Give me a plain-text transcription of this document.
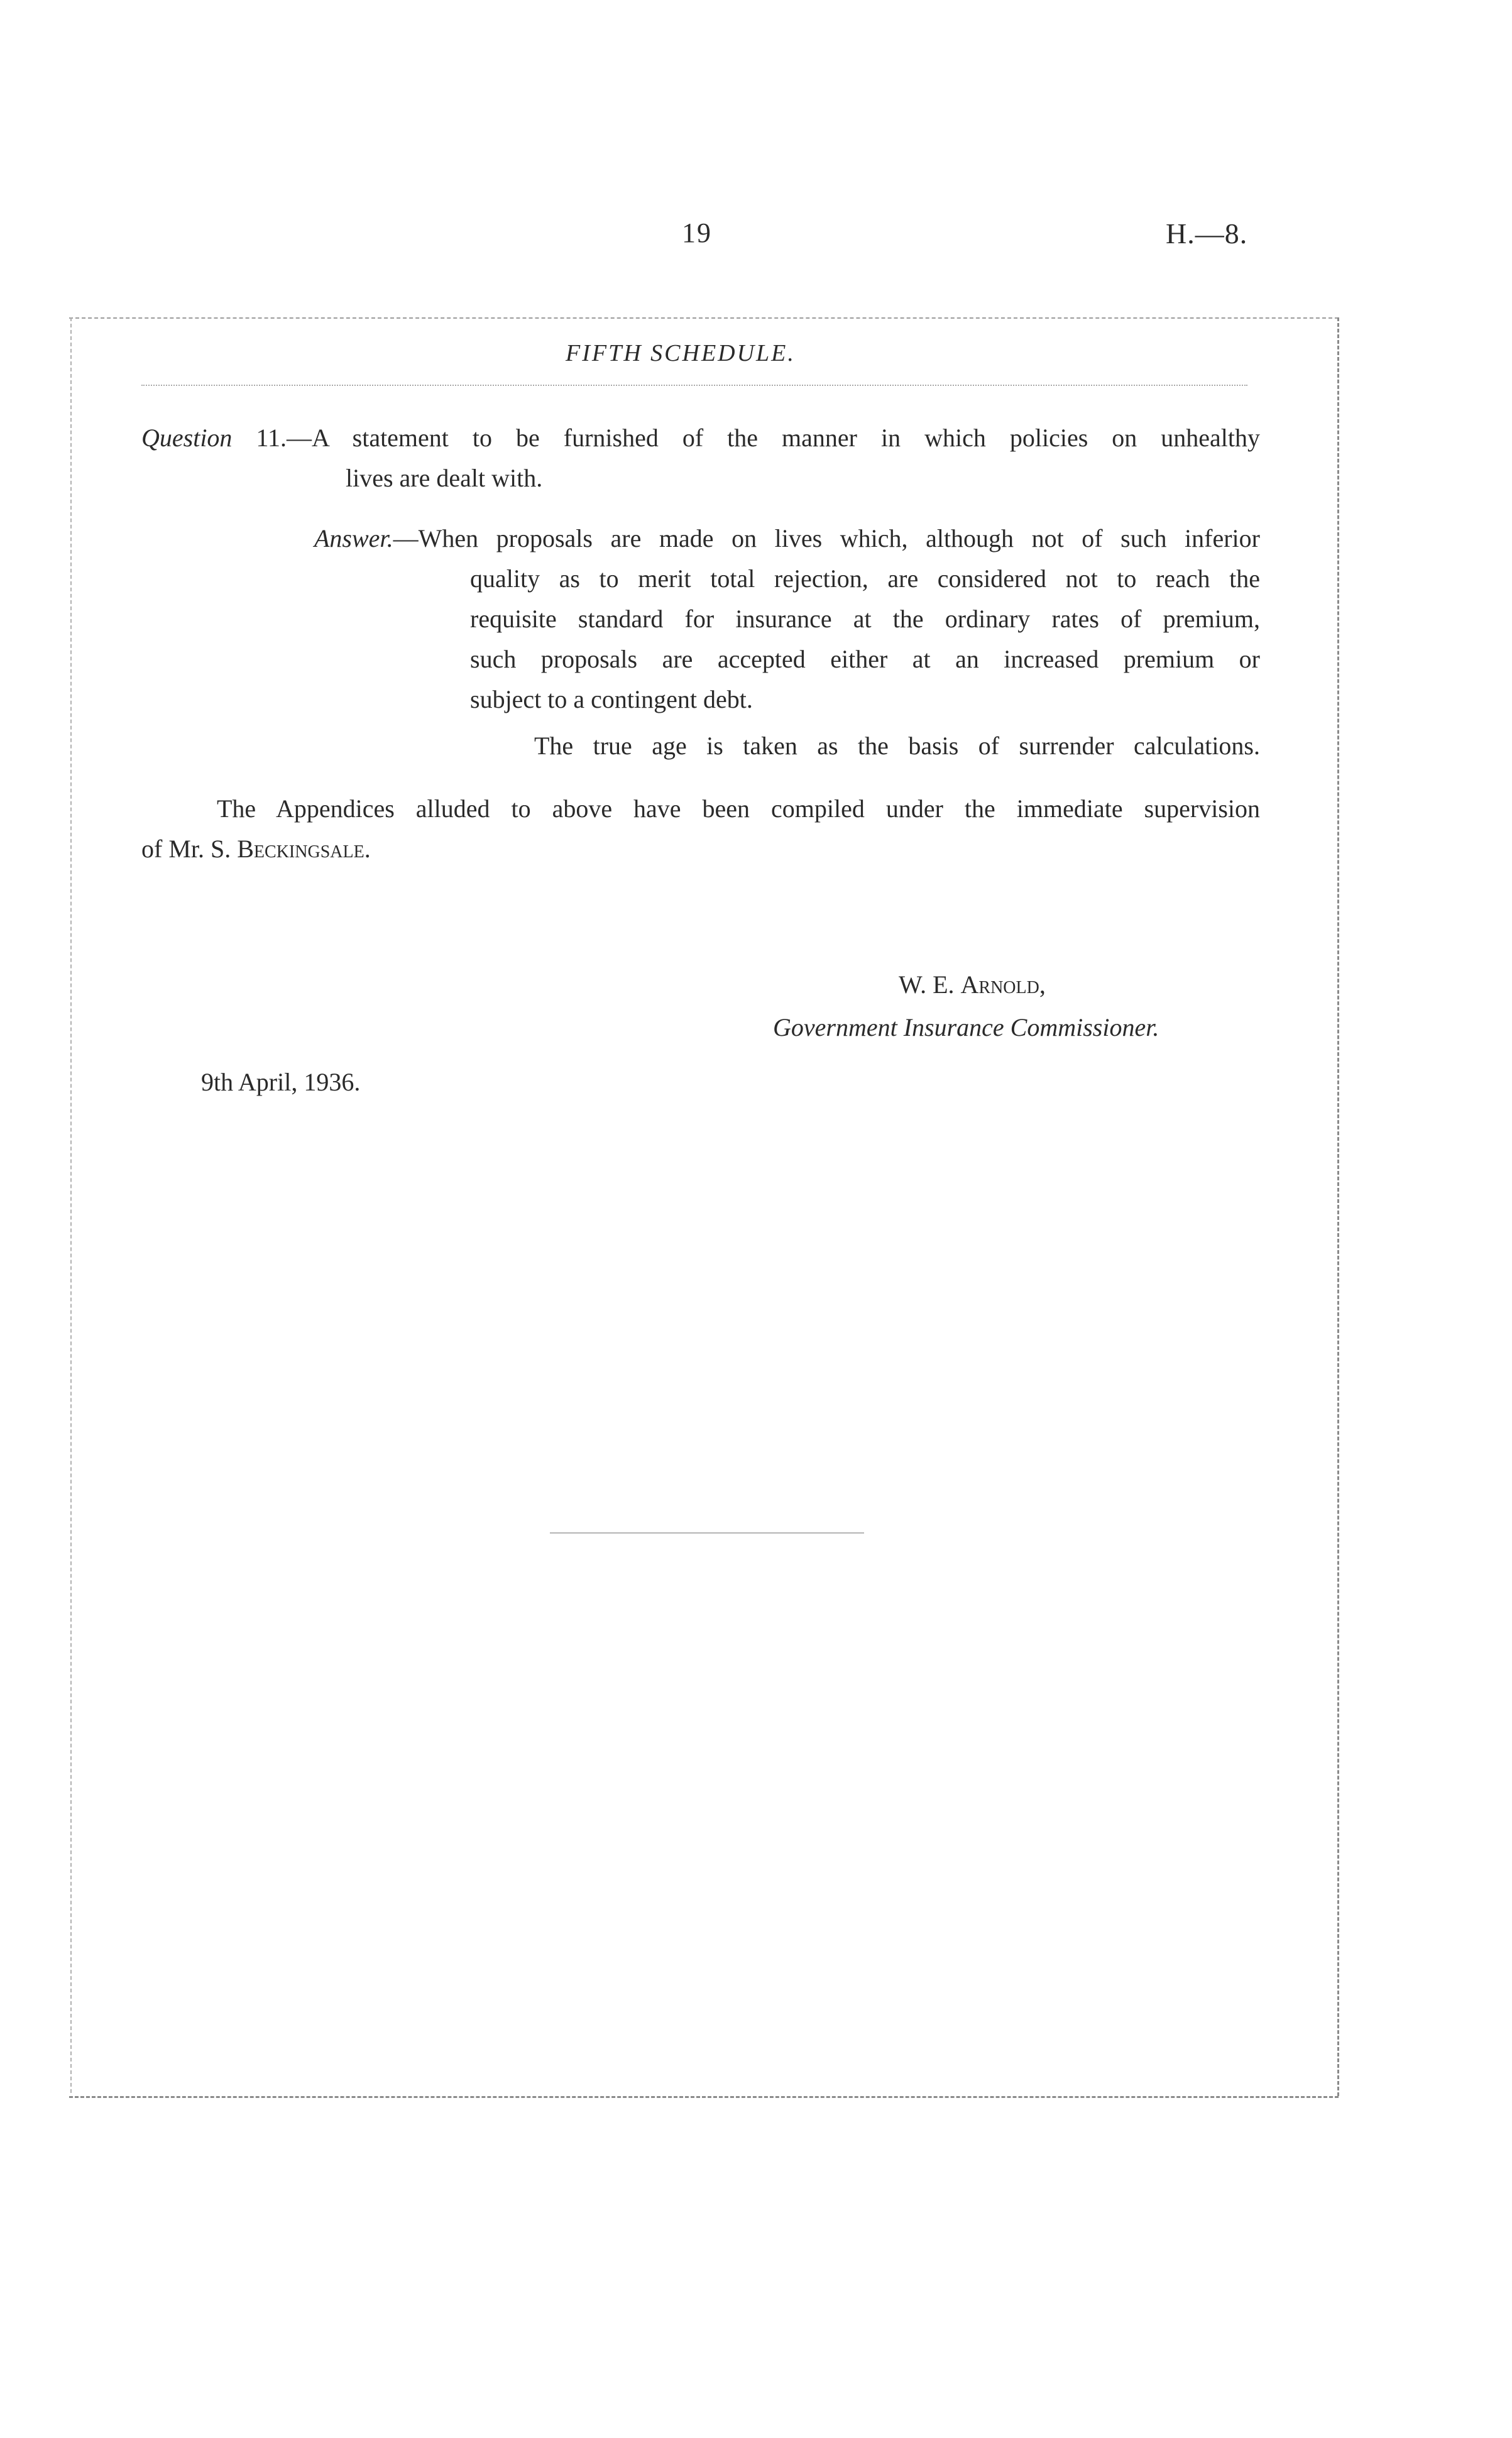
19	H.—8.
FIFTH SCHEDULE.
Question 11.—A statement to be furnished of the manner in which policies on unhealthy
lives are dealt with.
Answer.—When proposals are made on lives which, although not of such inferior
quality as to merit total rejection, are considered not to reach the
requisite standard for insurance at the ordinary rates of premium,
such proposals are accepted either at an increased premium or
subject to a contingent debt.
The true age is taken as the basis of surrender calculations.
The Appendices alluded to above have been compiled under the immediate supervision
of Mr. S. Beckingsale.
W. E. Arnold,
Government Insurance Commissioner.
9th April, 1936.
